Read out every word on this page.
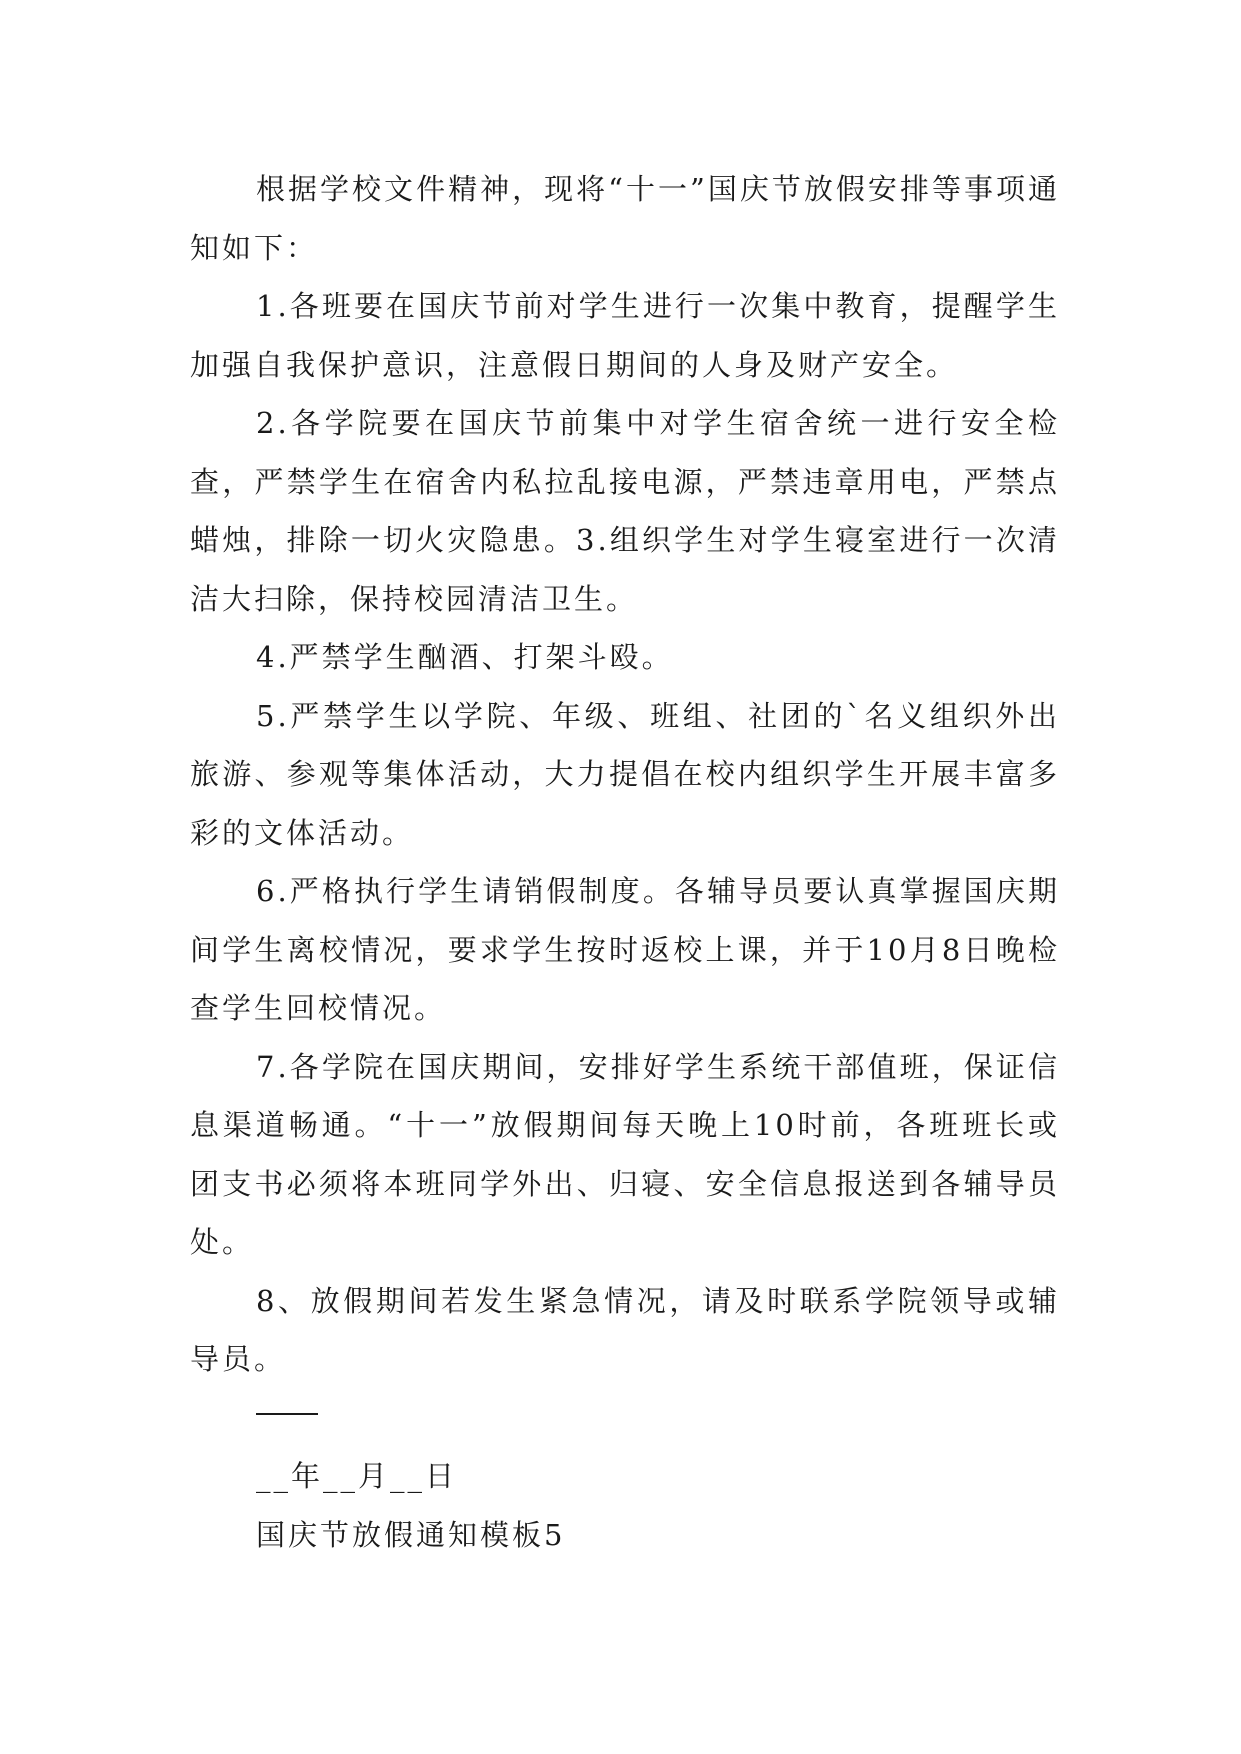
根据学校文件精神，现将“十一”国庆节放假安排等事项通知如下：

1.各班要在国庆节前对学生进行一次集中教育，提醒学生加强自我保护意识，注意假日期间的人身及财产安全。

2.各学院要在国庆节前集中对学生宿舍统一进行安全检查，严禁学生在宿舍内私拉乱接电源，严禁违章用电，严禁点蜡烛，排除一切火灾隐患。3.组织学生对学生寝室进行一次清洁大扫除，保持校园清洁卫生。

4.严禁学生酗酒、打架斗殴。

5.严禁学生以学院、年级、班组、社团的`名义组织外出旅游、参观等集体活动，大力提倡在校内组织学生开展丰富多彩的文体活动。

6.严格执行学生请销假制度。各辅导员要认真掌握国庆期间学生离校情况，要求学生按时返校上课，并于10月8日晚检查学生回校情况。

7.各学院在国庆期间，安排好学生系统干部值班，保证信息渠道畅通。“十一”放假期间每天晚上10时前，各班班长或团支书必须将本班同学外出、归寝、安全信息报送到各辅导员处。

8、放假期间若发生紧急情况，请及时联系学院领导或辅导员。

__年__月__日

国庆节放假通知模板5
